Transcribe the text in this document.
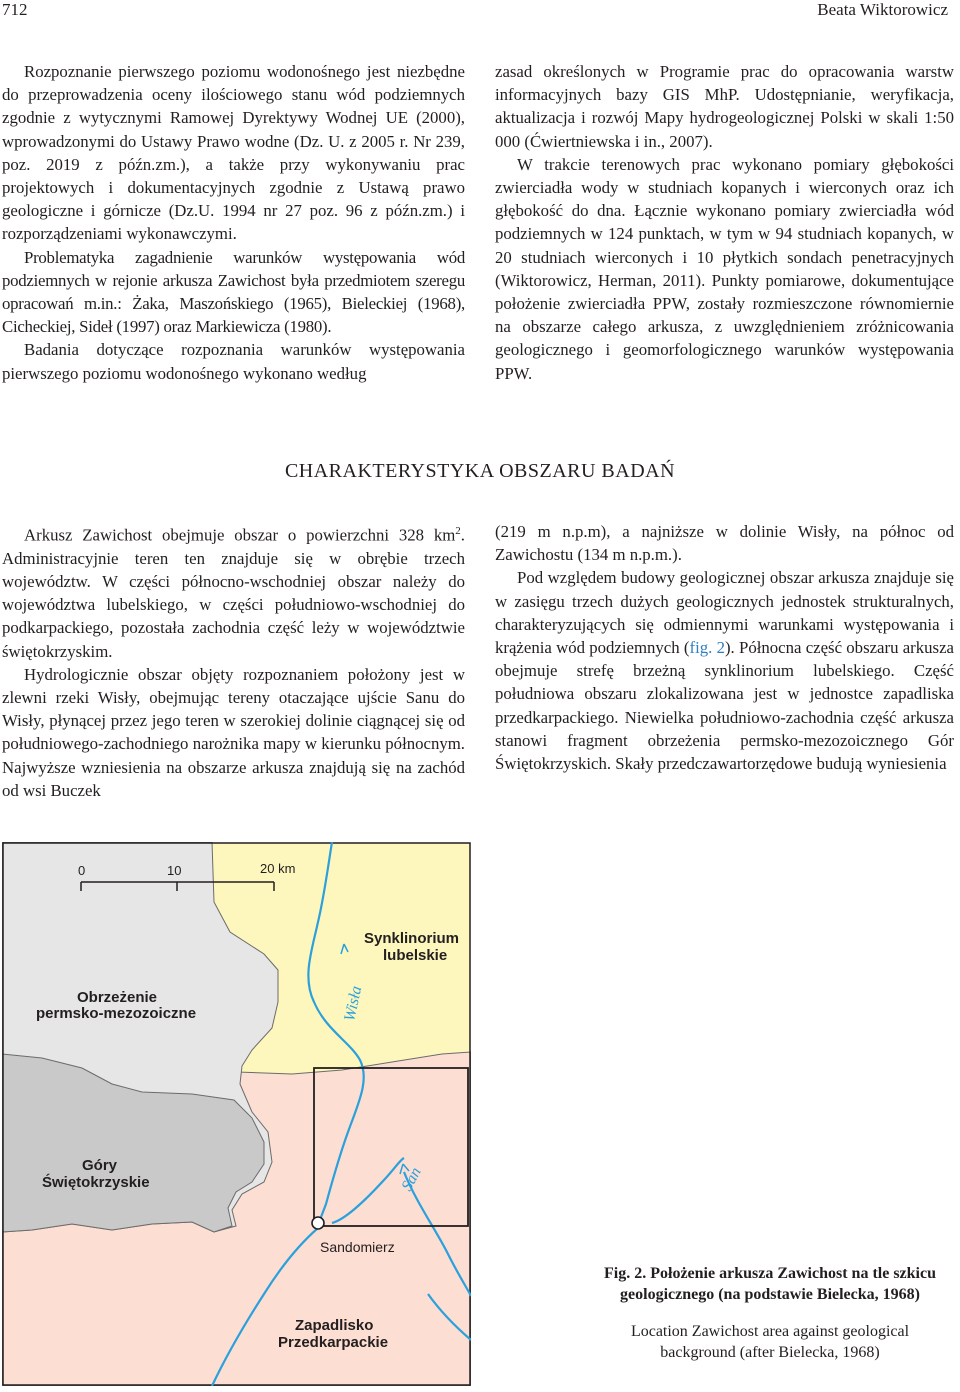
712	Beata Wiktorowicz

Rozpoznanie pierwszego poziomu wodonośnego jest niezbędne do przeprowadzenia oceny ilościowego stanu wód podziemnych zgodnie z wytycznymi Ramowej Dyrektywy Wodnej UE (2000), wprowadzonymi do Ustawy Prawo wodne (Dz. U. z 2005 r. Nr 239, poz. 2019 z późn.zm.), a także przy wykonywaniu prac projektowych i dokumentacyjnych zgodnie z Ustawą prawo geologiczne i górnicze (Dz.U. 1994 nr 27 poz. 96 z późn.zm.) i rozporządzeniami wykonawczymi.

Problematyka zagadnienie warunków występowania wód podziemnych w rejonie arkusza Zawichost była przedmiotem szeregu opracowań m.in.: Żaka, Maszońskiego (1965), Bieleckiej (1968), Cicheckiej, Sideł (1997) oraz Markiewicza (1980).

Badania dotyczące rozpoznania warunków występowania pierwszego poziomu wodonośnego wykonano według

zasad określonych w Programie prac do opracowania warstw informacyjnych bazy GIS MhP. Udostępnianie, weryfikacja, aktualizacja i rozwój Mapy hydrogeologicznej Polski w skali 1:50 000 (Ćwiertniewska i in., 2007).

W trakcie terenowych prac wykonano pomiary głębokości zwierciadła wody w studniach kopanych i wierconych oraz ich głębokość do dna. Łącznie wykonano pomiary zwierciadła wód podziemnych w 124 punktach, w tym w 94 studniach kopanych, w 20 studniach wierconych i 10 płytkich sondach penetracyjnych (Wiktorowicz, Herman, 2011). Punkty pomiarowe, dokumentujące położenie zwierciadła PPW, zostały rozmieszczone równomiernie na obszarze całego arkusza, z uwzględnieniem zróżnicowania geologicznego i geomorfologicznego warunków występowania PPW.

CHARAKTERYSTYKA OBSZARU BADAŃ

Arkusz Zawichost obejmuje obszar o powierzchni 328 $km^2$. Administracyjnie teren ten znajduje się w obrębie trzech województw. W części północno-wschodniej obszar należy do województwa lubelskiego, w części południowo-wschodniej do podkarpackiego, pozostała zachodnia część leży w województwie świętokrzyskim.

Hydrologicznie obszar objęty rozpoznaniem położony jest w zlewni rzeki Wisły, obejmując tereny otaczające ujście Sanu do Wisły, płynącej przez jego teren w szerokiej dolinie ciągnącej się od południowego-zachodniego narożnika mapy w kierunku północnym. Najwyższe wzniesienia na obszarze arkusza znajdują się na zachód od wsi Buczek

(219 m n.p.m), a najniższe w dolinie Wisły, na północ od Zawichostu (134 m n.p.m.).

Pod względem budowy geologicznej obszar arkusza znajduje się w zasięgu trzech dużych geologicznych jednostek strukturalnych, charakteryzujących się odmiennymi warunkami występowania i krążenia wód podziemnych (fig. 2). Północna część obszaru arkusza obejmuje strefę brzeżną synklinorium lubelskiego. Część południowa obszaru zlokalizowana jest w jednostce zapadliska przedkarpackiego. Niewielka południowo-zachodnia część arkusza stanowi fragment obrzeżenia permsko-mezozoicznego Gór Świętokrzyskich. Skały przedczawartorzędowe budują wyniesienia

0	10	20 km
Synklinorium
lubelskie
Obrzeżenie
permsko-mezozoiczne
Góry
Świętokrzyskie
Sandomierz
Zapadlisko
Przedkarpackie
Wisła
San
Fig. 2. Położenie arkusza Zawichost na tle szkicu
geologicznego (na podstawie Bielecka, 1968)
Location Zawichost area against geological
background (after Bielecka, 1968)
